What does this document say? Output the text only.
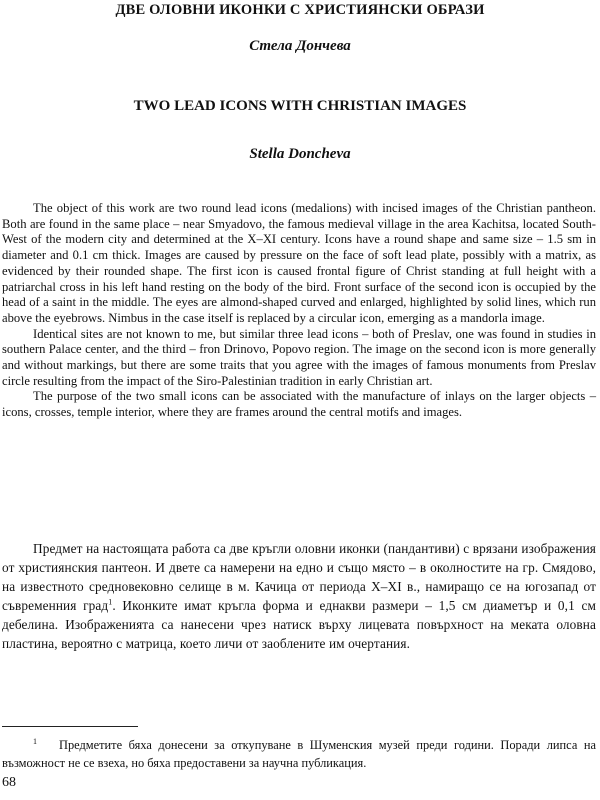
ДВЕ ОЛОВНИ ИКОНКИ С ХРИСТИЯНСКИ ОБРАЗИ
Стела Дончева
TWO LEAD ICONS WITH CHRISTIAN IMAGES
Stella Doncheva

The object of this work are two round lead icons (medalions) with incised images of the Christian pantheon. Both are found in the same place – near Smyadovo, the famous medieval village in the area Kachitsa, located South-West of the modern city and determined at the X–XI century. Icons have a round shape and same size – 1.5 sm in diameter and 0.1 cm thick. Images are caused by pressure on the face of soft lead plate, possibly with a matrix, as evidenced by their rounded shape. The first icon is caused frontal figure of Christ standing at full height with a patriarchal cross in his left hand resting on the body of the bird. Front surface of the second icon is occupied by the head of a saint in the middle. The eyes are almond-shaped curved and enlarged, highlighted by solid lines, which run above the eyebrows. Nimbus in the case itself is replaced by a circular icon, emerging as a mandorla image.

Identical sites are not known to me, but similar three lead icons – both of Preslav, one was found in studies in southern Palace center, and the third – fron Drinovo, Popovo region. The image on the second icon is more generally and without markings, but there are some traits that you agree with the images of famous monuments from Preslav circle resulting from the impact of the Siro-Palestinian tradition in early Christian art.

The purpose of the two small icons can be associated with the manufacture of inlays on the larger objects – icons, crosses, temple interior, where they are frames around the central motifs and images.

Предмет на настоящата работа са две кръгли оловни иконки (пандантиви) с врязани изображения от християнския пантеон. И двете са намерени на едно и също място – в околностите на гр. Смядово, на известното средновековно селище в м. Качица от периода X–XI в., намиращо се на югозапад от съвременния град$^1$. Иконките имат кръгла форма и еднакви размери – 1,5 см диаметър и 0,1 см дебелина. Изображенията са нанесени чрез натиск върху лицевата повърхност на меката оловна пластина, вероятно с матрица, което личи от заоблените им очертания.

1 Предметите бяха донесени за откупуване в Шуменския музей преди години. Поради липса на възможност не се взеха, но бяха предоставени за научна публикация.

68
